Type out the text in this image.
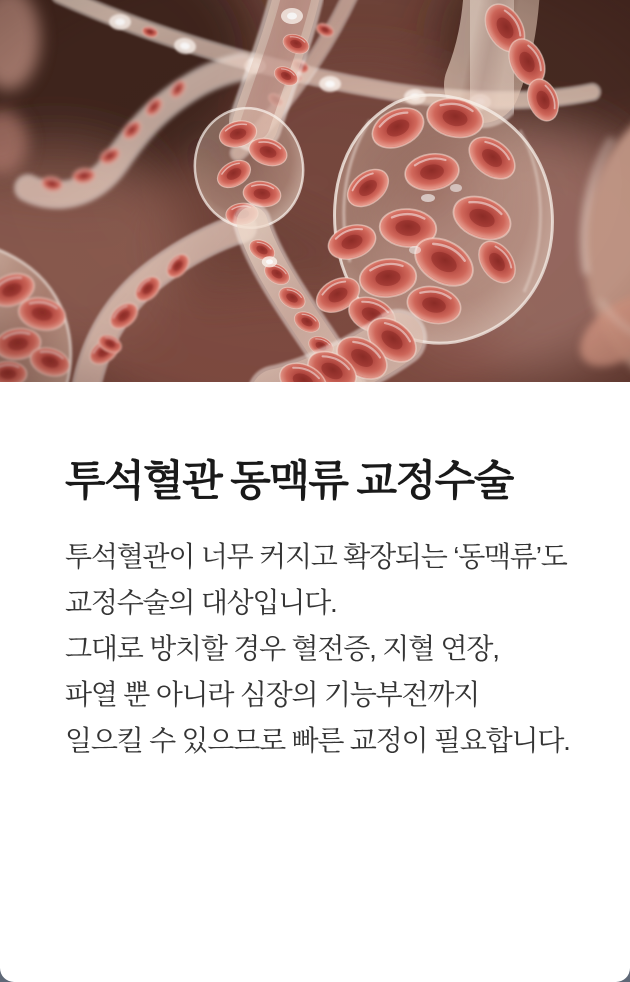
투석혈관 동맥류 교정수술
투석혈관이 너무 커지고 확장되는 ‘동맥류’도
교정수술의 대상입니다.
그대로 방치할 경우 혈전증, 지혈 연장,
파열 뿐 아니라 심장의 기능부전까지
일으킬 수 있으므로 빠른 교정이 필요합니다.
